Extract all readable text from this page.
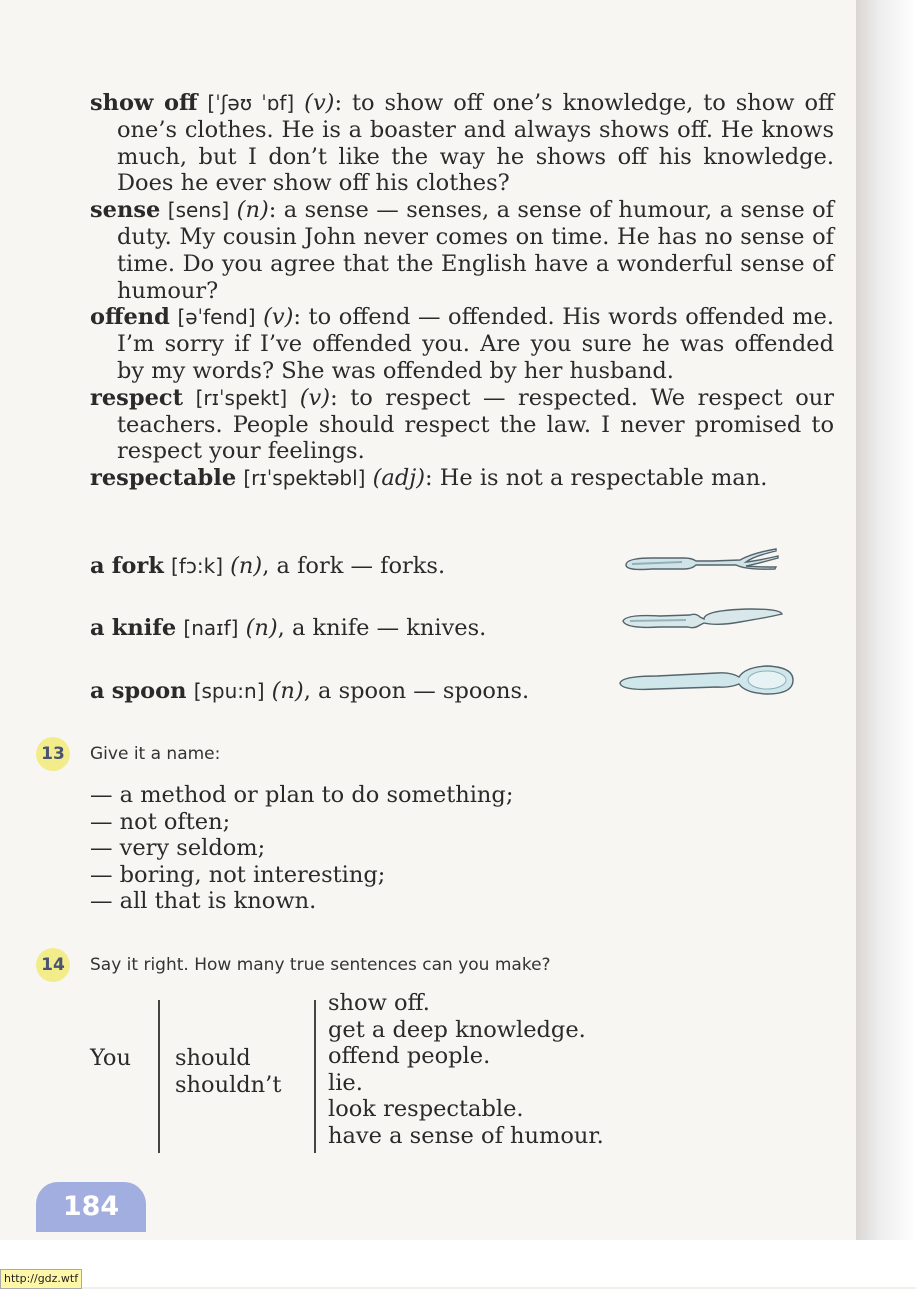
show off [ˈʃəʊ ˈɒf] (v): to show off one’s knowledge, to show off one’s clothes. He is a boaster and always shows off. He knows much, but I don’t like the way he shows off his knowledge. Does he ever show off his clothes?
sense [sens] (n): a sense — senses, a sense of humour, a sense of duty. My cousin John never comes on time. He has no sense of time. Do you agree that the English have a wonderful sense of humour?
offend [əˈfend] (v): to offend — offended. His words offended me. I’m sorry if I’ve offended you. Are you sure he was offended by my words? She was offended by her husband.
respect [rɪˈspekt] (v): to respect — respected. We respect our teachers. People should respect the law. I never promised to respect your feelings.
respectable [rɪˈspektəbl] (adj): He is not a respectable man.
a fork [fɔ:k] (n), a fork — forks.
a knife [naɪf] (n), a knife — knives.
a spoon [spu:n] (n), a spoon — spoons.
13	Give it a name:
— a method or plan to do something;
— not often;
— very seldom;
— boring, not interesting;
— all that is known.
14	Say it right. How many true sentences can you make?
You should
shouldn’t
show off.
get a deep knowledge.
offend people.
lie.
look respectable.
have a sense of humour.
184
http://gdz.wtf
